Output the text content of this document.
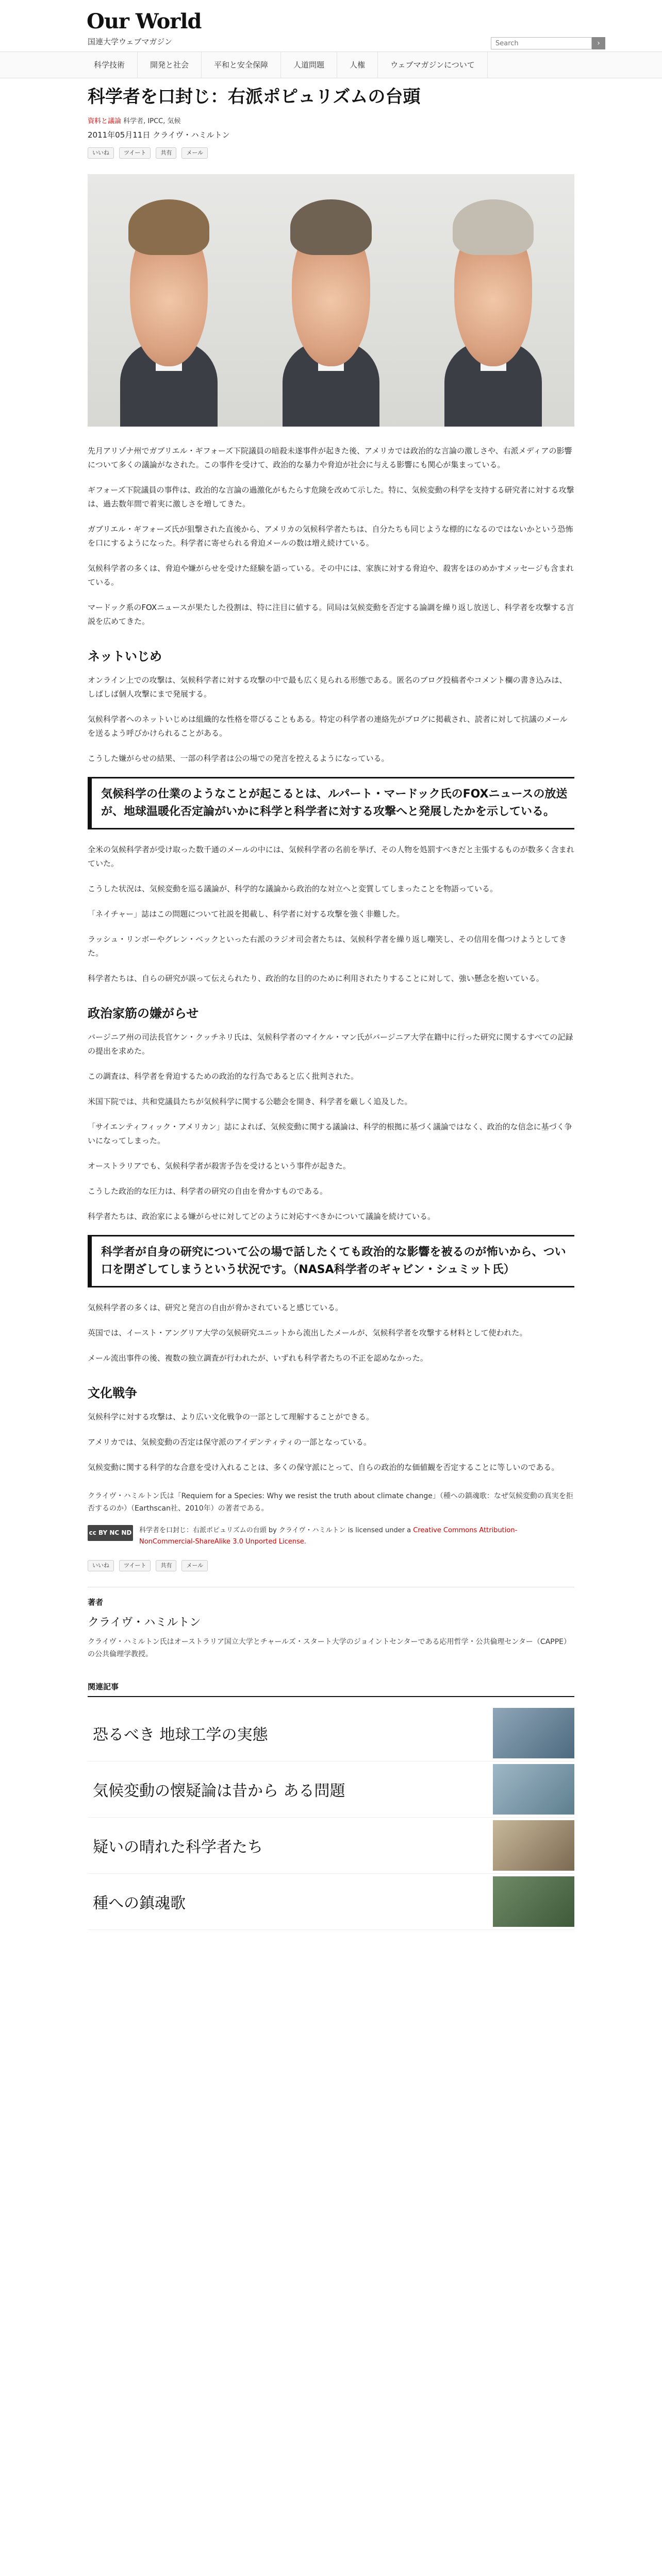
Our World
国連大学ウェブマガジン
Search	›
科学技術	開発と社会	平和と安全保障	人道問題	人権	ウェブマガジンについて
科学者を口封じ：右派ポピュリズムの台頭
資料と議論 科学者, IPCC, 気候
2011年05月11日 クライヴ・ハミルトン
いいね	ツイート	共有	メール

先月アリゾナ州でガブリエル・ギフォーズ下院議員の暗殺未遂事件が起きた後、アメリカでは政治的な言論の激しさや、右派メディアの影響について多くの議論がなされた。この事件を受けて、政治的な暴力や脅迫が社会に与える影響にも関心が集まっている。

ギフォーズ下院議員の事件は、政治的な言論の過激化がもたらす危険を改めて示した。特に、気候変動の科学を支持する研究者に対する攻撃は、過去数年間で着実に激しさを増してきた。

ガブリエル・ギフォーズ氏が狙撃された直後から、アメリカの気候科学者たちは、自分たちも同じような標的になるのではないかという恐怖を口にするようになった。科学者に寄せられる脅迫メールの数は増え続けている。

気候科学者の多くは、脅迫や嫌がらせを受けた経験を語っている。その中には、家族に対する脅迫や、殺害をほのめかすメッセージも含まれている。

マードック系のFOXニュースが果たした役割は、特に注目に値する。同局は気候変動を否定する論調を繰り返し放送し、科学者を攻撃する言説を広めてきた。

ネットいじめ

オンライン上での攻撃は、気候科学者に対する攻撃の中で最も広く見られる形態である。匿名のブログ投稿者やコメント欄の書き込みは、しばしば個人攻撃にまで発展する。

気候科学者へのネットいじめは組織的な性格を帯びることもある。特定の科学者の連絡先がブログに掲載され、読者に対して抗議のメールを送るよう呼びかけられることがある。

こうした嫌がらせの結果、一部の科学者は公の場での発言を控えるようになっている。

気候科学の仕業のようなことが起こるとは、ルパート・マードック氏のFOXニュースの放送が、地球温暖化否定論がいかに科学と科学者に対する攻撃へと発展したかを示している。

全米の気候科学者が受け取った数千通のメールの中には、気候科学者の名前を挙げ、その人物を処罰すべきだと主張するものが数多く含まれていた。

こうした状況は、気候変動を巡る議論が、科学的な議論から政治的な対立へと変質してしまったことを物語っている。

「ネイチャー」誌はこの問題について社説を掲載し、科学者に対する攻撃を強く非難した。

ラッシュ・リンボーやグレン・ベックといった右派のラジオ司会者たちは、気候科学者を繰り返し嘲笑し、その信用を傷つけようとしてきた。

科学者たちは、自らの研究が誤って伝えられたり、政治的な目的のために利用されたりすることに対して、強い懸念を抱いている。

政治家筋の嫌がらせ

バージニア州の司法長官ケン・クッチネリ氏は、気候科学者のマイケル・マン氏がバージニア大学在籍中に行った研究に関するすべての記録の提出を求めた。

この調査は、科学者を脅迫するための政治的な行為であると広く批判された。

米国下院では、共和党議員たちが気候科学に関する公聴会を開き、科学者を厳しく追及した。

「サイエンティフィック・アメリカン」誌によれば、気候変動に関する議論は、科学的根拠に基づく議論ではなく、政治的な信念に基づく争いになってしまった。

オーストラリアでも、気候科学者が殺害予告を受けるという事件が起きた。

こうした政治的な圧力は、科学者の研究の自由を脅かすものである。

科学者たちは、政治家による嫌がらせに対してどのように対応すべきかについて議論を続けている。

科学者が自身の研究について公の場で話したくても政治的な影響を被るのが怖いから、つい口を閉ざしてしまうという状況です。（NASA科学者のギャビン・シュミット氏）

気候科学者の多くは、研究と発言の自由が脅かされていると感じている。

英国では、イースト・アングリア大学の気候研究ユニットから流出したメールが、気候科学者を攻撃する材料として使われた。

メール流出事件の後、複数の独立調査が行われたが、いずれも科学者たちの不正を認めなかった。

文化戦争

気候科学に対する攻撃は、より広い文化戦争の一部として理解することができる。

アメリカでは、気候変動の否定は保守派のアイデンティティの一部となっている。

気候変動に関する科学的な合意を受け入れることは、多くの保守派にとって、自らの政治的な価値観を否定することに等しいのである。

クライヴ・ハミルトン氏は「Requiem for a Species: Why we resist the truth about climate change」（種への鎮魂歌：なぜ気候変動の真実を拒否するのか）（Earthscan社、2010年）の著者である。
cc BY NC ND 科学者を口封じ：右派ポピュリズムの台頭 by クライヴ・ハミルトン is licensed under a Creative Commons Attribution-NonCommercial-ShareAlike 3.0 Unported License.
いいね	ツイート	共有	メール
著者
クライヴ・ハミルトン
クライヴ・ハミルトン氏はオーストラリア国立大学とチャールズ・スタート大学のジョイントセンターである応用哲学・公共倫理センター（CAPPE）の公共倫理学教授。
関連記事
恐るべき 地球工学の実態
気候変動の懐疑論は昔から ある問題
疑いの晴れた科学者たち
種への鎮魂歌
